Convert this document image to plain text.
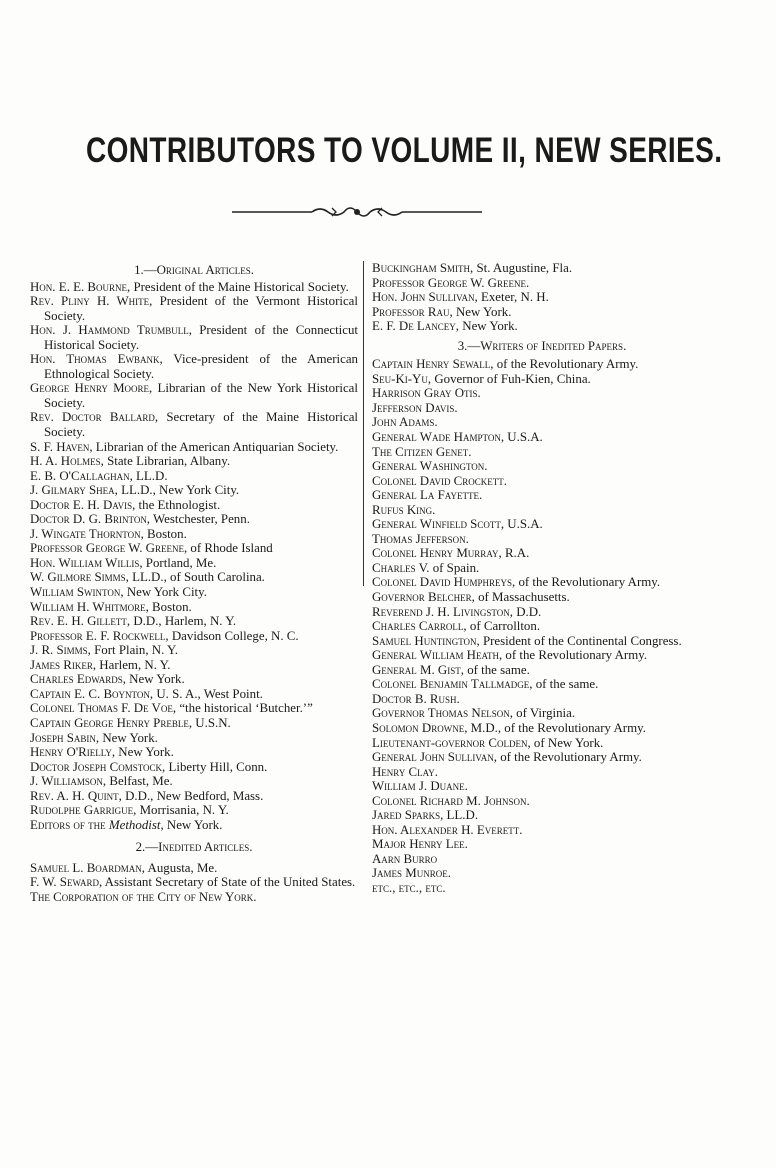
CONTRIBUTORS TO VOLUME II, NEW SERIES.
1.—Original Articles.
Hon. E. E. Bourne, President of the Maine Historical Society.
Rev. Pliny H. White, President of the Vermont Historical Society.
Hon. J. Hammond Trumbull, President of the Connecticut Historical Society.
Hon. Thomas Ewbank, Vice-president of the American Ethnological Society.
George Henry Moore, Librarian of the New York Historical Society.
Rev. Doctor Ballard, Secretary of the Maine Historical Society.
S. F. Haven, Librarian of the American Antiquarian Society.
H. A. Holmes, State Librarian, Albany.
E. B. O'Callaghan, LL.D.
J. Gilmary Shea, LL.D., New York City.
Doctor E. H. Davis, the Ethnologist.
Doctor D. G. Brinton, Westchester, Penn.
J. Wingate Thornton, Boston.
Professor George W. Greene, of Rhode Island
Hon. William Willis, Portland, Me.
W. Gilmore Simms, LL.D., of South Carolina.
William Swinton, New York City.
William H. Whitmore, Boston.
Rev. E. H. Gillett, D.D., Harlem, N. Y.
Professor E. F. Rockwell, Davidson College, N. C.
J. R. Simms, Fort Plain, N. Y.
James Riker, Harlem, N. Y.
Charles Edwards, New York.
Captain E. C. Boynton, U. S. A., West Point.
Colonel Thomas F. De Voe, “the historical ‘Butcher.’”
Captain George Henry Preble, U.S.N.
Joseph Sabin, New York.
Henry O'Rielly, New York.
Doctor Joseph Comstock, Liberty Hill, Conn.
J. Williamson, Belfast, Me.
Rev. A. H. Quint, D.D., New Bedford, Mass.
Rudolphe Garrigue, Morrisania, N. Y.
Editors of the Methodist, New York.
2.—Inedited Articles.
Samuel L. Boardman, Augusta, Me.
F. W. Seward, Assistant Secretary of State of the United States.
The Corporation of the City of New York.
Buckingham Smith, St. Augustine, Fla.
Professor George W. Greene.
Hon. John Sullivan, Exeter, N. H.
Professor Rau, New York.
E. F. De Lancey, New York.
3.—Writers of Inedited Papers.
Captain Henry Sewall, of the Revolutionary Army.
Seu-Ki-Yu, Governor of Fuh-Kien, China.
Harrison Gray Otis.
Jefferson Davis.
John Adams.
General Wade Hampton, U.S.A.
The Citizen Genet.
General Washington.
Colonel David Crockett.
General La Fayette.
Rufus King.
General Winfield Scott, U.S.A.
Thomas Jefferson.
Colonel Henry Murray, R.A.
Charles V. of Spain.
Colonel David Humphreys, of the Revolutionary Army.
Governor Belcher, of Massachusetts.
Reverend J. H. Livingston, D.D.
Charles Carroll, of Carrollton.
Samuel Huntington, President of the Continental Congress.
General William Heath, of the Revolutionary Army.
General M. Gist, of the same.
Colonel Benjamin Tallmadge, of the same.
Doctor B. Rush.
Governor Thomas Nelson, of Virginia.
Solomon Drowne, M.D., of the Revolutionary Army.
Lieutenant-governor Colden, of New York.
General John Sullivan, of the Revolutionary Army.
Henry Clay.
William J. Duane.
Colonel Richard M. Johnson.
Jared Sparks, LL.D.
Hon. Alexander H. Everett.
Major Henry Lee.
Aarn Burro
James Munroe.
etc., etc., etc.
